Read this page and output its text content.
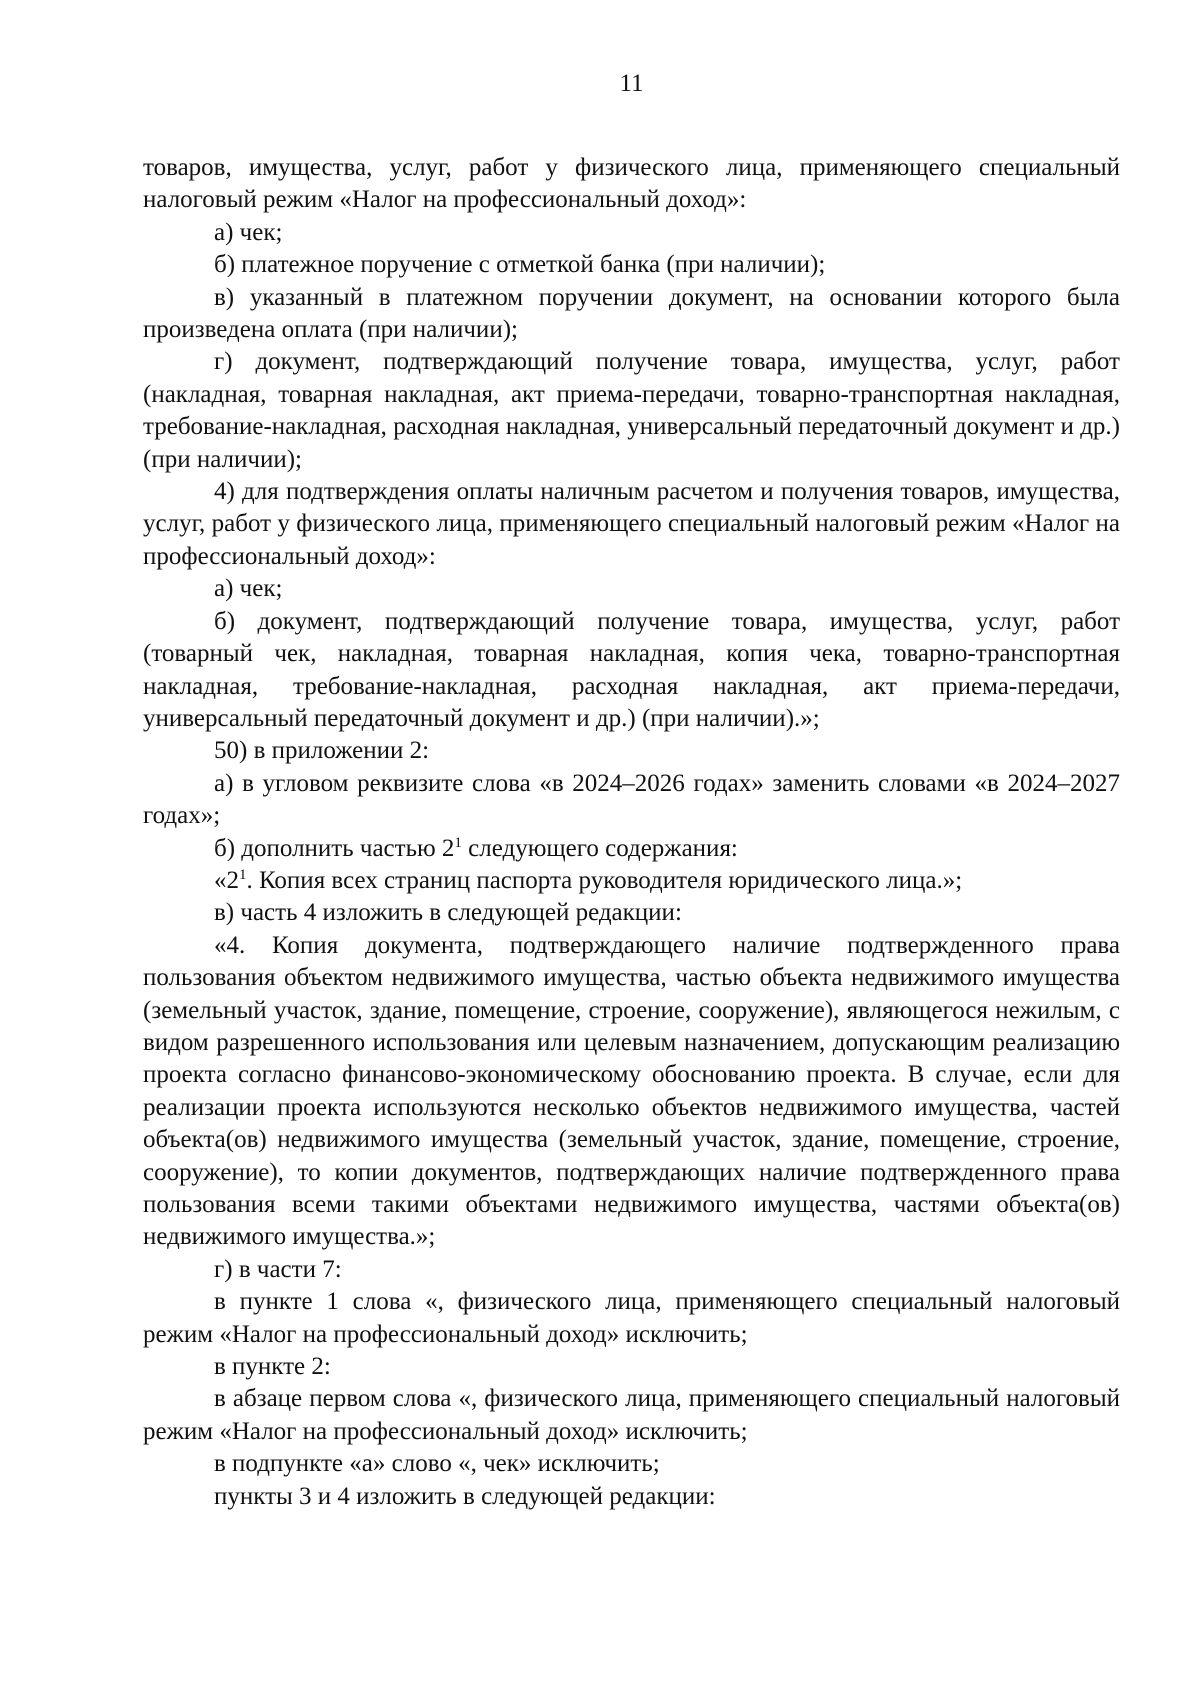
11

товаров, имущества, услуг, работ у физического лица, применяющего специальный налоговый режим «Налог на профессиональный доход»:

а) чек;

б) платежное поручение с отметкой банка (при наличии);

в) указанный в платежном поручении документ, на основании которого была произведена оплата (при наличии);

г) документ, подтверждающий получение товара, имущества, услуг, работ (накладная, товарная накладная, акт приема-передачи, товарно-транспортная накладная, требование-накладная, расходная накладная, универсальный передаточный документ и др.) (при наличии);

4) для подтверждения оплаты наличным расчетом и получения товаров, имущества, услуг, работ у физического лица, применяющего специальный налоговый режим «Налог на профессиональный доход»:

а) чек;

б) документ, подтверждающий получение товара, имущества, услуг, работ (товарный чек, накладная, товарная накладная, копия чека, товарно-транспортная накладная, требование-накладная, расходная накладная, акт приема-передачи, универсальный передаточный документ и др.) (при наличии).»;

50) в приложении 2:

а) в угловом реквизите слова «в 2024–2026 годах» заменить словами «в 2024–2027 годах»;

б) дополнить частью $2^1$ следующего содержания:

«$2^1$. Копия всех страниц паспорта руководителя юридического лица.»;

в) часть 4 изложить в следующей редакции:

«4. Копия документа, подтверждающего наличие подтвержденного права пользования объектом недвижимого имущества, частью объекта недвижимого имущества (земельный участок, здание, помещение, строение, сооружение), являющегося нежилым, с видом разрешенного использования или целевым назначением, допускающим реализацию проекта согласно финансово-экономическому обоснованию проекта. В случае, если для реализации проекта используются несколько объектов недвижимого имущества, частей объекта(ов) недвижимого имущества (земельный участок, здание, помещение, строение, сооружение), то копии документов, подтверждающих наличие подтвержденного права пользования всеми такими объектами недвижимого имущества, частями объекта(ов) недвижимого имущества.»;

г) в части 7:

в пункте 1 слова «, физического лица, применяющего специальный налоговый режим «Налог на профессиональный доход» исключить;

в пункте 2:

в абзаце первом слова «, физического лица, применяющего специальный налоговый режим «Налог на профессиональный доход» исключить;

в подпункте «а» слово «, чек» исключить;

пункты 3 и 4 изложить в следующей редакции:
